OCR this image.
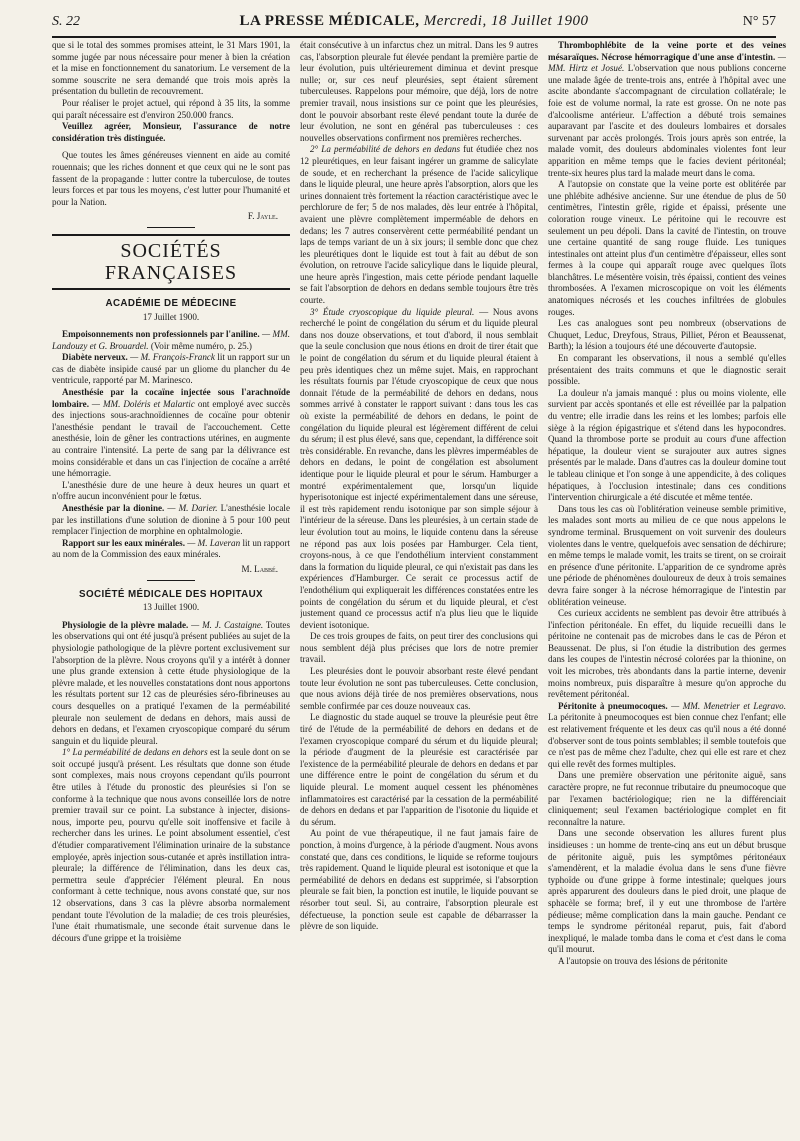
S. 22	LA PRESSE MÉDICALE, Mercredi, 18 Juillet 1900	N° 57

que si le total des sommes promises atteint, le 31 Mars 1901, la somme jugée par nous nécessaire pour mener à bien la création et la mise en fonctionnement du sanatorium. Le versement de la somme souscrite ne sera demandé que trois mois après la présentation du bulletin de recouvrement.

Pour réaliser le projet actuel, qui répond à 35 lits, la somme qui paraît nécessaire est d'environ 250.000 francs.

Veuillez agréer, Monsieur, l'assurance de notre considération très distinguée.

Que toutes les âmes généreuses viennent en aide au comité rouennais; que les riches donnent et que ceux qui ne le sont pas fassent de la propagande : lutter contre la tuberculose, de toutes leurs forces et par tous les moyens, c'est lutter pour l'humanité et pour la Nation.

F. Jayle.
SOCIÉTÉS FRANÇAISES
ACADÉMIE DE MÉDECINE
17 Juillet 1900.

Empoisonnements non professionnels par l'aniline. — MM. Landouzy et G. Brouardel. (Voir même numéro, p. 25.)

Diabète nerveux. — M. François-Franck lit un rapport sur un cas de diabète insipide causé par un gliome du plancher du 4e ventricule, rapporté par M. Marinesco.

Anesthésie par la cocaïne injectée sous l'arachnoïde lombaire. — MM. Doléris et Malartic ont employé avec succès des injections sous-arachnoïdiennes de cocaïne pour obtenir l'anesthésie pendant le travail de l'accouchement. Cette anesthésie, loin de gêner les contractions utérines, en augmente au contraire l'intensité. La perte de sang par la délivrance est moins considérable et dans un cas l'injection de cocaïne a arrêté une hémorragie.

L'anesthésie dure de une heure à deux heures un quart et n'offre aucun inconvénient pour le fœtus.

Anesthésie par la dionine. — M. Darier. L'anesthésie locale par les instillations d'une solution de dionine à 5 pour 100 peut remplacer l'injection de morphine en ophtalmologie.

Rapport sur les eaux minérales. — M. Laveran lit un rapport au nom de la Commission des eaux minérales.

M. Labbé.
SOCIÉTÉ MÉDICALE DES HOPITAUX
13 Juillet 1900.

Physiologie de la plèvre malade. — M. J. Castaigne. Toutes les observations qui ont été jusqu'à présent publiées au sujet de la physiologie pathologique de la plèvre portent exclusivement sur l'absorption de la plèvre. Nous croyons qu'il y a intérêt à donner une plus grande extension à cette étude physiologique de la plèvre malade, et les nouvelles constatations dont nous apportons les résultats portent sur 12 cas de pleurésies séro-fibrineuses au cours desquelles on a pratiqué l'examen de la perméabilité pleurale non seulement de dedans en dehors, mais aussi de dehors en dedans, et l'examen cryoscopique comparé du sérum sanguin et du liquide pleural.

1° La perméabilité de dedans en dehors est la seule dont on se soit occupé jusqu'à présent. Les résultats que donne son étude sont complexes, mais nous croyons cependant qu'ils pourront être utiles à l'étude du pronostic des pleurésies si l'on se conforme à la technique que nous avons conseillée lors de notre premier travail sur ce point. La substance à injecter, disions-nous, importe peu, pourvu qu'elle soit inoffensive et facile à rechercher dans les urines. Le point absolument essentiel, c'est d'étudier comparativement l'élimination urinaire de la substance employée, après injection sous-cutanée et après instillation intra-pleurale; la différence de l'élimination, dans les deux cas, permettra seule d'apprécier l'élément pleural. En nous conformant à cette technique, nous avons constaté que, sur nos 12 observations, dans 3 cas la plèvre absorba normalement pendant toute l'évolution de la maladie; de ces trois pleurésies, l'une était rhumatismale, une seconde était survenue dans le décours d'une grippe et la troisième

était consécutive à un infarctus chez un mitral. Dans les 9 autres cas, l'absorption pleurale fut élevée pendant la première partie de leur évolution, puis ultérieurement diminua et devint presque nulle; or, sur ces neuf pleurésies, sept étaient sûrement tuberculeuses. Rappelons pour mémoire, que déjà, lors de notre premier travail, nous insistions sur ce point que les pleurésies, dont le pouvoir absorbant reste élevé pendant toute la durée de leur évolution, ne sont en général pas tuberculeuses : ces nouvelles observations confirment nos premières recherches.

2° La perméabilité de dehors en dedans fut étudiée chez nos 12 pleurétiques, en leur faisant ingérer un gramme de salicylate de soude, et en recherchant la présence de l'acide salicylique dans le liquide pleural, une heure après l'absorption, alors que les urines donnaient très fortement la réaction caractéristique avec le perchlorure de fer; 5 de nos malades, dès leur entrée à l'hôpital, avaient une plèvre complètement imperméable de dehors en dedans; les 7 autres conservèrent cette perméabilité pendant un laps de temps variant de un à six jours; il semble donc que chez les pleurétiques dont le liquide est tout à fait au début de son évolution, on retrouve l'acide salicylique dans le liquide pleural, une heure après l'ingestion, mais cette période pendant laquelle se fait l'absorption de dehors en dedans semble toujours être très courte.

3° Étude cryoscopique du liquide pleural. — Nous avons recherché le point de congélation du sérum et du liquide pleural dans nos douze observations, et tout d'abord, il nous semblait que la seule conclusion que nous étions en droit de tirer était que le point de congélation du sérum et du liquide pleural étaient à peu près identiques chez un même sujet. Mais, en rapprochant les résultats fournis par l'étude cryoscopique de ceux que nous donnait l'étude de la perméabilité de dehors en dedans, nous sommes arrivé à constater le rapport suivant : dans tous les cas où existe la perméabilité de dehors en dedans, le point de congélation du liquide pleural est légèrement différent de celui du sérum; il est plus élevé, sans que, cependant, la différence soit très considérable. En revanche, dans les plèvres imperméables de dehors en dedans, le point de congélation est absolument identique pour le liquide pleural et pour le sérum. Hamburger a montré expérimentalement que, lorsqu'un liquide hyperisotonique est injecté expérimentalement dans une séreuse, il est très rapidement rendu isotonique par son simple séjour à l'intérieur de la séreuse. Dans les pleurésies, à un certain stade de leur évolution tout au moins, le liquide contenu dans la séreuse ne répond pas aux lois posées par Hamburger. Cela tient, croyons-nous, à ce que l'endothélium intervient constamment dans la formation du liquide pleural, ce qui n'existait pas dans les expériences d'Hamburger. Ce serait ce processus actif de l'endothélium qui expliquerait les différences constatées entre les points de congélation du sérum et du liquide pleural, et c'est justement quand ce processus actif n'a plus lieu que le liquide devient isotonique.

De ces trois groupes de faits, on peut tirer des conclusions qui nous semblent déjà plus précises que lors de notre premier travail.

Les pleurésies dont le pouvoir absorbant reste élevé pendant toute leur évolution ne sont pas tuberculeuses. Cette conclusion, que nous avions déjà tirée de nos premières observations, nous semble confirmée par ces douze nouveaux cas.

Le diagnostic du stade auquel se trouve la pleurésie peut être tiré de l'étude de la perméabilité de dehors en dedans et de l'examen cryoscopique comparé du sérum et du liquide pleural; la période d'augment de la pleurésie est caractérisée par l'existence de la perméabilité pleurale de dehors en dedans et par une différence entre le point de congélation du sérum et du liquide pleural. Le moment auquel cessent les phénomènes inflammatoires est caractérisé par la cessation de la perméabilité de dehors en dedans et par l'apparition de l'isotonie du liquide et du sérum.

Au point de vue thérapeutique, il ne faut jamais faire de ponction, à moins d'urgence, à la période d'augment. Nous avons constaté que, dans ces conditions, le liquide se reforme toujours très rapidement. Quand le liquide pleural est isotonique et que la perméabilité de dehors en dedans est supprimée, si l'absorption pleurale se fait bien, la ponction est inutile, le liquide pouvant se résorber tout seul. Si, au contraire, l'absorption pleurale est défectueuse, la ponction seule est capable de débarrasser la plèvre de son liquide.

Thrombophlébite de la veine porte et des veines mésaraïques. Nécrose hémorragique d'une anse d'intestin. — MM. Hirtz et Josué. L'observation que nous publions concerne une malade âgée de trente-trois ans, entrée à l'hôpital avec une ascite abondante s'accompagnant de circulation collatérale; le foie est de volume normal, la rate est grosse. On ne note pas d'alcoolisme antérieur. L'affection a débuté trois semaines auparavant par l'ascite et des douleurs lombaires et dorsales survenant par accès prolongés. Trois jours après son entrée, la malade vomit, des douleurs abdominales violentes font leur apparition en même temps que le facies devient péritonéal; trente-six heures plus tard la malade meurt dans le coma.

A l'autopsie on constate que la veine porte est oblitérée par une phlébite adhésive ancienne. Sur une étendue de plus de 50 centimètres, l'intestin grêle, rigide et épaissi, présente une coloration rouge vineux. Le péritoine qui le recouvre est seulement un peu dépoli. Dans la cavité de l'intestin, on trouve une certaine quantité de sang rouge fluide. Les tuniques intestinales ont atteint plus d'un centimètre d'épaisseur, elles sont fermes à la coupe qui apparaît rouge avec quelques îlots blanchâtres. Le mésentère voisin, très épaissi, contient des veines thrombosées. A l'examen microscopique on voit les éléments anatomiques nécrosés et les couches infiltrées de globules rouges.

Les cas analogues sont peu nombreux (observations de Chuquet, Leduc, Dreyfous, Straus, Pilliet, Péron et Beaussenat, Barth); la lésion a toujours été une découverte d'autopsie.

En comparant les observations, il nous a semblé qu'elles présentaient des traits communs et que le diagnostic serait possible.

La douleur n'a jamais manqué : plus ou moins violente, elle survient par accès spontanés et elle est réveillée par la palpation du ventre; elle irradie dans les reins et les lombes; parfois elle siège à la région épigastrique et s'étend dans les hypocondres. Quand la thrombose porte se produit au cours d'une affection hépatique, la douleur vient se surajouter aux autres signes présentés par le malade. Dans d'autres cas la douleur domine tout le tableau clinique et l'on songe à une appendicite, à des coliques hépatiques, à l'occlusion intestinale; dans ces conditions l'intervention chirurgicale a été discutée et même tentée.

Dans tous les cas où l'oblitération veineuse semble primitive, les malades sont morts au milieu de ce que nous appelons le syndrome terminal. Brusquement on voit survenir des douleurs violentes dans le ventre, quelquefois avec sensation de déchirure; en même temps le malade vomit, les traits se tirent, on se croirait en présence d'une péritonite. L'apparition de ce syndrome après une période de phénomènes douloureux de deux à trois semaines devra faire songer à la nécrose hémorragique de l'intestin par oblitération veineuse.

Ces curieux accidents ne semblent pas devoir être attribués à l'infection péritonéale. En effet, du liquide recueilli dans le péritoine ne contenait pas de microbes dans le cas de Péron et Beaussenat. De plus, si l'on étudie la distribution des germes dans les coupes de l'intestin nécrosé colorées par la thionine, on voit les microbes, très abondants dans la partie interne, devenir moins nombreux, puis disparaître à mesure qu'on approche du revêtement péritonéal.

Péritonite à pneumocoques. — MM. Menetrier et Legravo. La péritonite à pneumocoques est bien connue chez l'enfant; elle est relativement fréquente et les deux cas qu'il nous a été donné d'observer sont de tous points semblables; il semble toutefois que ce n'est pas de même chez l'adulte, chez qui elle est rare et chez qui elle revêt des formes multiples.

Dans une première observation une péritonite aiguë, sans caractère propre, ne fut reconnue tributaire du pneumocoque que par l'examen bactériologique; rien ne la différenciait cliniquement; seul l'examen bactériologique complet en fit reconnaître la nature.

Dans une seconde observation les allures furent plus insidieuses : un homme de trente-cinq ans eut un début brusque de péritonite aiguë, puis les symptômes péritonéaux s'amendèrent, et la maladie évolua dans le sens d'une fièvre typhoïde ou d'une grippe à forme intestinale; quelques jours après apparurent des douleurs dans le pied droit, une plaque de sphacèle se forma; bref, il y eut une thrombose de l'artère pédieuse; même complication dans la main gauche. Pendant ce temps le syndrome péritonéal reparut, puis, fait d'abord inexpliqué, le malade tomba dans le coma et c'est dans le coma qu'il mourut.

A l'autopsie on trouva des lésions de péritonite
